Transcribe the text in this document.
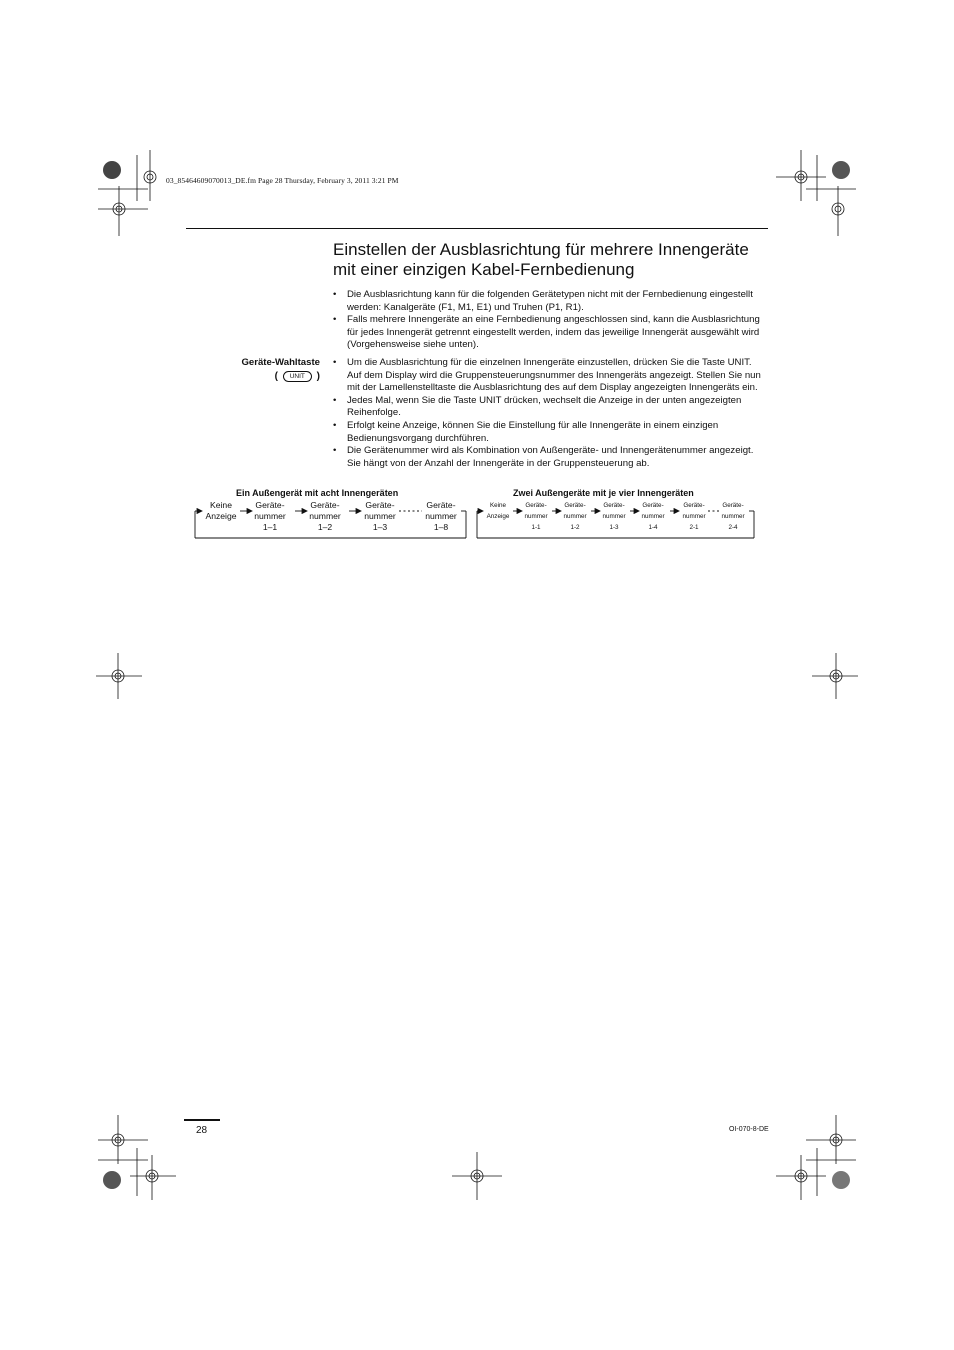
03_85464609070013_DE.fm Page 28 Thursday, February 3, 2011 3:21 PM
Einstellen der Ausblasrichtung für mehrere Innengeräte
mit einer einzigen Kabel-Fernbedienung
• Die Ausblasrichtung kann für die folgenden Gerätetypen nicht mit der Fernbedienung eingestellt werden: Kanalgeräte (F1, M1, E1) und Truhen (P1, R1).
• Falls mehrere Innengeräte an eine Fernbedienung angeschlossen sind, kann die Ausblasrichtung für jedes Innengerät getrennt eingestellt werden, indem das jeweilige Innengerät ausgewählt wird (Vorgehensweise siehe unten).
Geräte-Wahltaste
( UNIT )
• Um die Ausblasrichtung für die einzelnen Innengeräte einzustellen, drücken Sie die Taste UNIT. Auf dem Display wird die Gruppensteuerungsnummer des Innengeräts angezeigt. Stellen Sie nun mit der Lamellenstelltaste die Ausblasrichtung des auf dem Display angezeigten Innengeräts ein.
• Jedes Mal, wenn Sie die Taste UNIT drücken, wechselt die Anzeige in der unten angezeigten Reihenfolge.
• Erfolgt keine Anzeige, können Sie die Einstellung für alle Innengeräte in einem einzigen Bedienungsvorgang durchführen.
• Die Gerätenummer wird als Kombination von Außengeräte- und Innengerätenummer angezeigt. Sie hängt von der Anzahl der Innengeräte in der Gruppensteuerung ab.
Ein Außengerät mit acht Innengeräten
Keine
Anzeige
Geräte-
nummer
1–1
Geräte-
nummer
1–2
Geräte-
nummer
1–3
Geräte-
nummer
1–8
Zwei Außengeräte mit je vier Innengeräten
Keine
Anzeige
Geräte-
nummer
1-1
Geräte-
nummer
1-2
Geräte-
nummer
1-3
Geräte-
nummer
1-4
Geräte-
nummer
2-1
Geräte-
nummer
2-4
28	OI-070-8-DE
